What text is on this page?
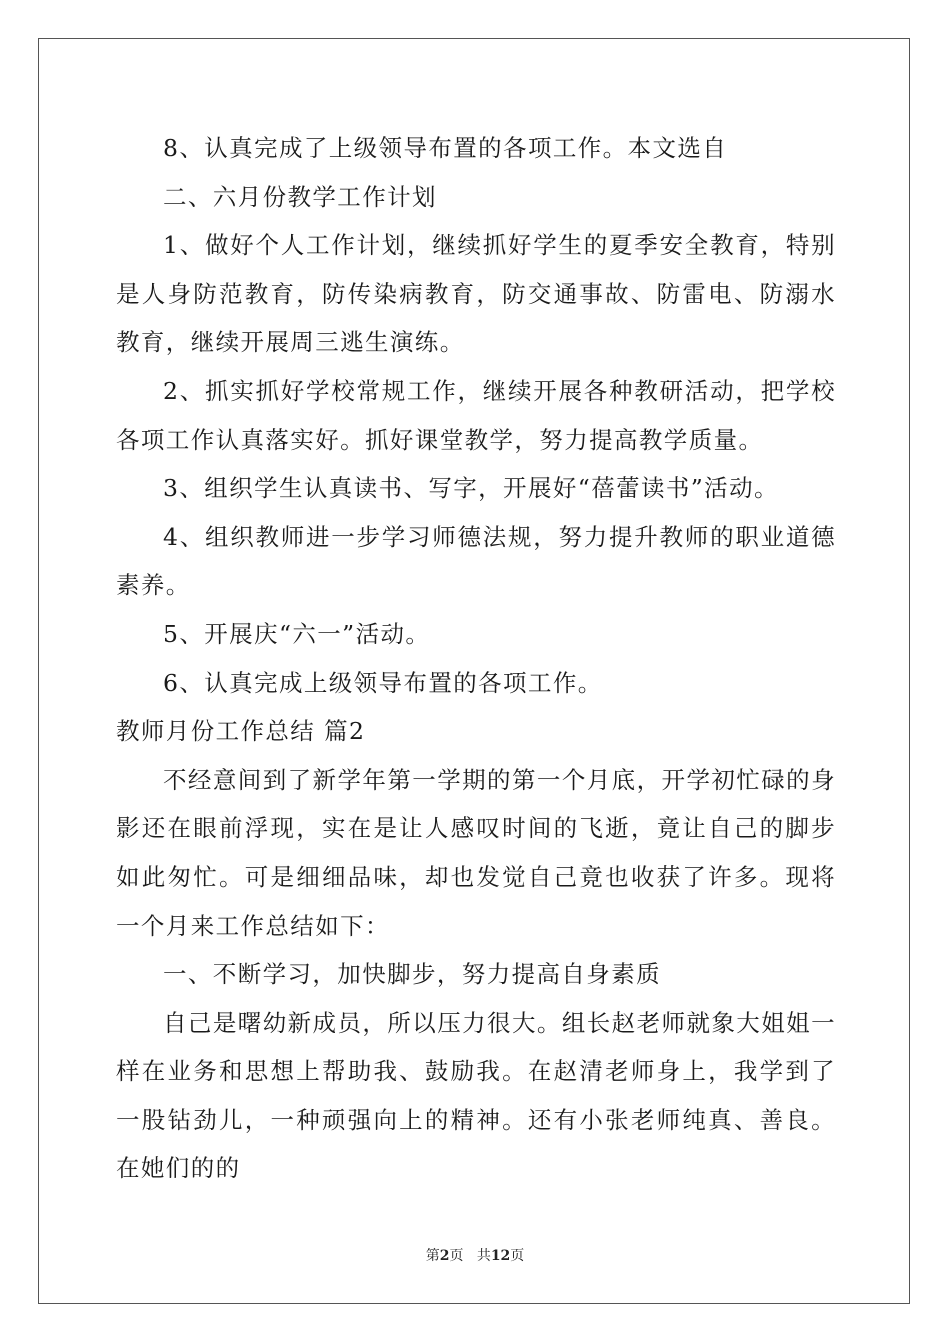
8、认真完成了上级领导布置的各项工作。本文选自

二、六月份教学工作计划

1、做好个人工作计划，继续抓好学生的夏季安全教育，特别是人身防范教育，防传染病教育，防交通事故、防雷电、防溺水教育，继续开展周三逃生演练。

2、抓实抓好学校常规工作，继续开展各种教研活动，把学校各项工作认真落实好。抓好课堂教学，努力提高教学质量。

3、组织学生认真读书、写字，开展好“蓓蕾读书”活动。

4、组织教师进一步学习师德法规，努力提升教师的职业道德素养。

5、开展庆“六一”活动。

6、认真完成上级领导布置的各项工作。

教师月份工作总结 篇2

不经意间到了新学年第一学期的第一个月底，开学初忙碌的身影还在眼前浮现，实在是让人感叹时间的飞逝，竟让自己的脚步如此匆忙。可是细细品味，却也发觉自己竟也收获了许多。现将一个月来工作总结如下：

一、不断学习，加快脚步，努力提高自身素质

自己是曙幼新成员，所以压力很大。组长赵老师就象大姐姐一样在业务和思想上帮助我、鼓励我。在赵清老师身上，我学到了一股钻劲儿，一种顽强向上的精神。还有小张老师纯真、善良。在她们的的

第2页 共12页
